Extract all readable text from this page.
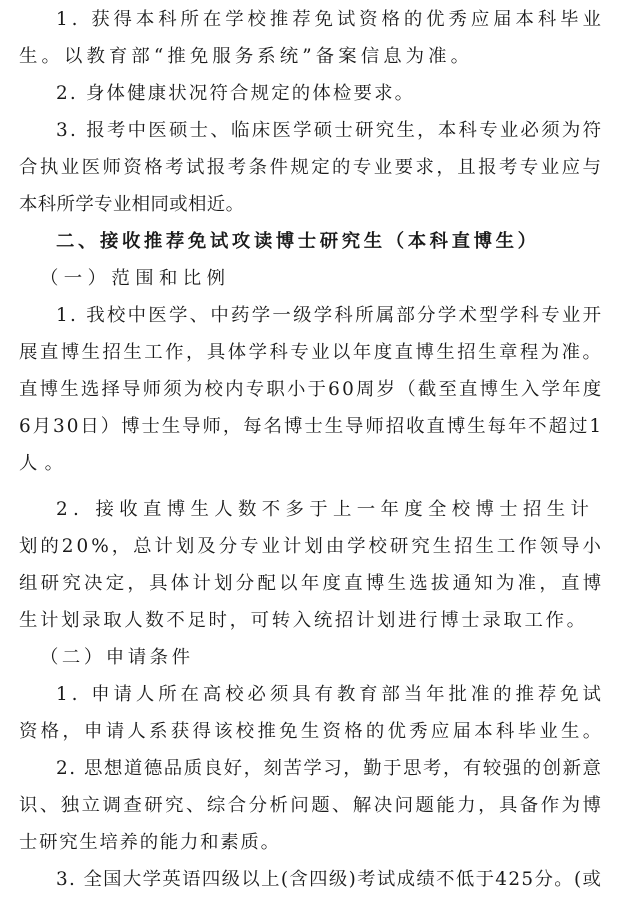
1. 获得本科所在学校推荐免试资格的优秀应届本科毕业
生。以教育部“推免服务系统”备案信息为准。
2. 身体健康状况符合规定的体检要求。
3. 报考中医硕士、临床医学硕士研究生，本科专业必须为符
合执业医师资格考试报考条件规定的专业要求，且报考专业应与
本科所学专业相同或相近。
二、接收推荐免试攻读博士研究生（本科直博生）
（一）范围和比例
1. 我校中医学、中药学一级学科所属部分学术型学科专业开
展直博生招生工作，具体学科专业以年度直博生招生章程为准。
直博生选择导师须为校内专职小于60周岁（截至直博生入学年度
6月30日）博士生导师，每名博士生导师招收直博生每年不超过1
人。
2. 接收直博生人数不多于上一年度全校博士招生计
划的20%，总计划及分专业计划由学校研究生招生工作领导小
组研究决定，具体计划分配以年度直博生选拔通知为准，直博
生计划录取人数不足时，可转入统招计划进行博士录取工作。
（二）申请条件
1. 申请人所在高校必须具有教育部当年批准的推荐免试
资格，申请人系获得该校推免生资格的优秀应届本科毕业生。
2. 思想道德品质良好，刻苦学习，勤于思考，有较强的创新意
识、独立调查研究、综合分析问题、解决问题能力，具备作为博
士研究生培养的能力和素质。
3. 全国大学英语四级以上(含四级)考试成绩不低于425分。(或
